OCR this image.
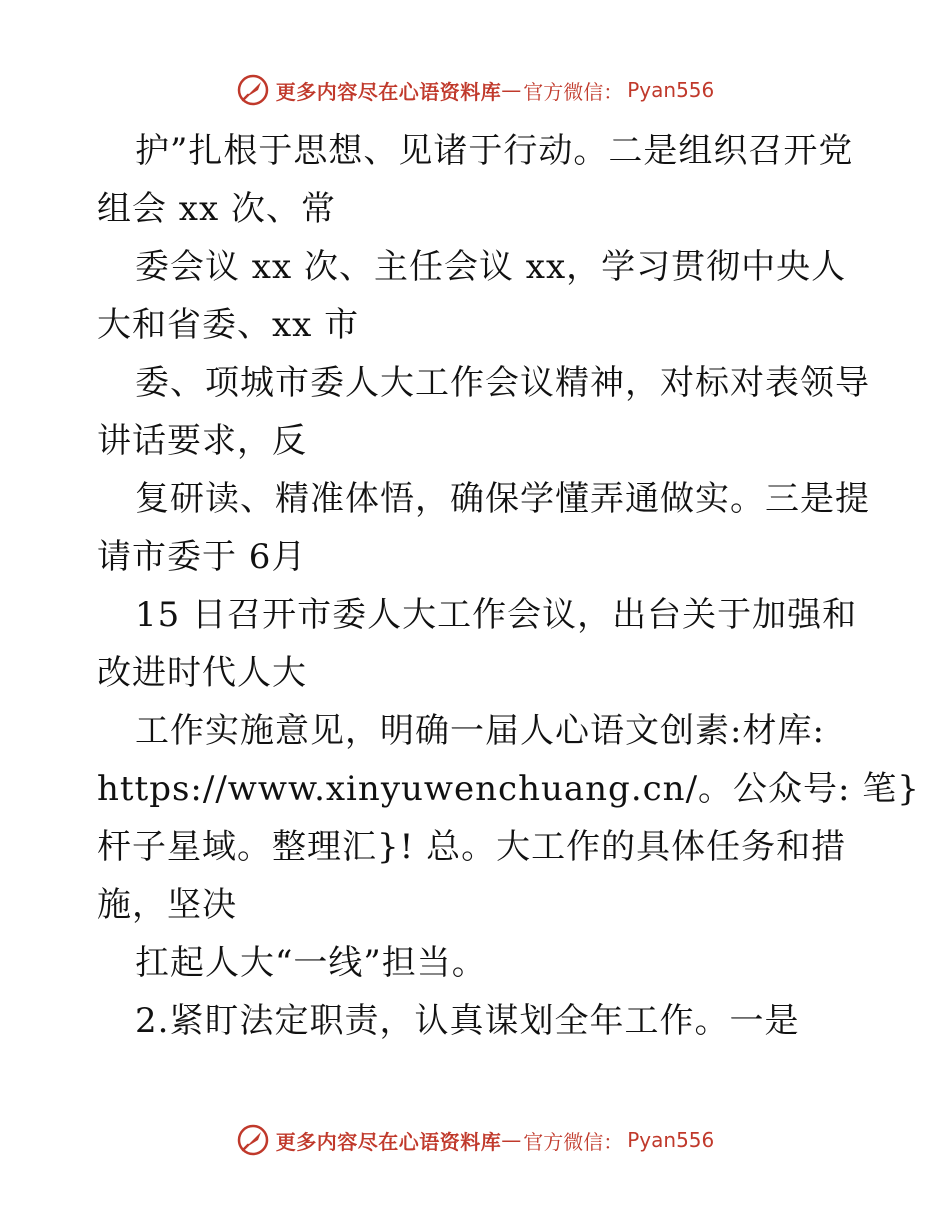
更多内容尽在心语资料库 — 官方微信： Pyan556
护”扎根于思想、见诸于行动。二是组织召开党
组会 xx 次、常
委会议 xx 次、主任会议 xx，学习贯彻中央人
大和省委、xx 市
委、项城市委人大工作会议精神，对标对表领导
讲话要求，反
复研读、精准体悟，确保学懂弄通做实。三是提
请市委于 6月
15 日召开市委人大工作会议，出台关于加强和
改进时代人大
工作实施意见，明确一届人心语文创素:材库:
https://www.xinyuwenchuang.cn/。公众号: 笔}
杆子星域。整理汇}! 总。大工作的具体任务和措
施，坚决
扛起人大“一线”担当。
2.紧盯法定职责，认真谋划全年工作。一是
更多内容尽在心语资料库 — 官方微信： Pyan556
